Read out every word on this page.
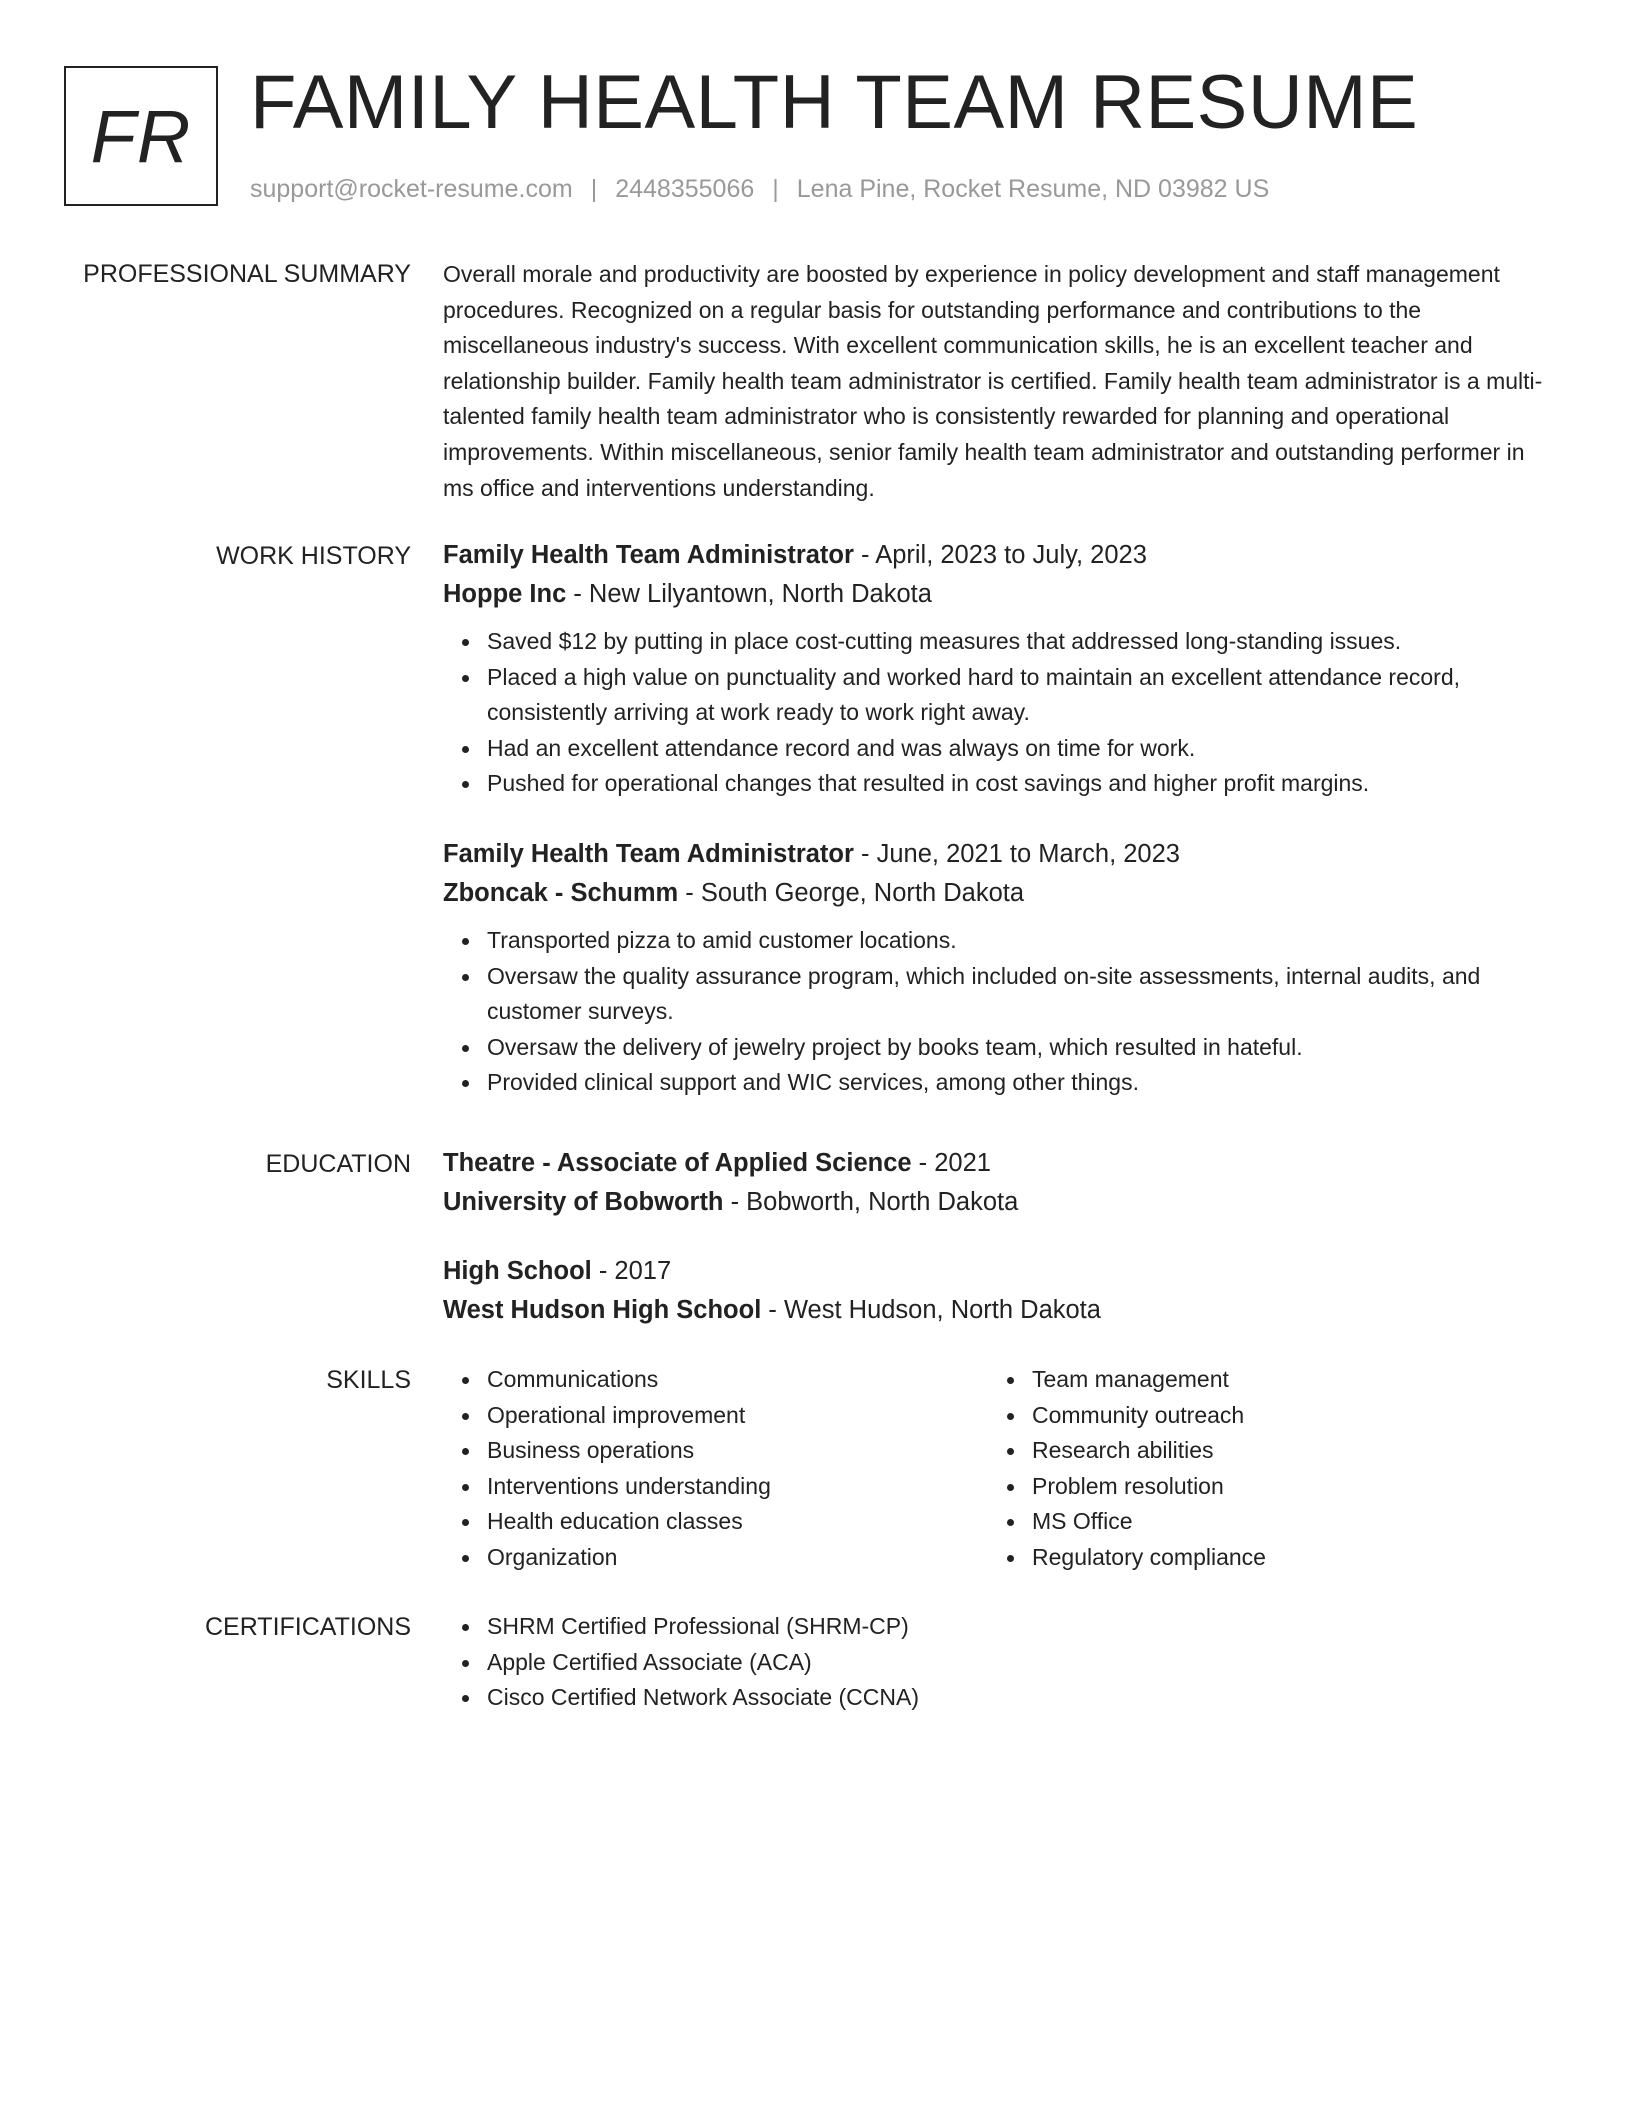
FR FAMILY HEALTH TEAM RESUME
support@rocket-resume.com | 2448355066 | Lena Pine, Rocket Resume, ND 03982 US
PROFESSIONAL SUMMARY Overall morale and productivity are boosted by experience in policy development and staff management procedures. Recognized on a regular basis for outstanding performance and contributions to the miscellaneous industry's success. With excellent communication skills, he is an excellent teacher and relationship builder. Family health team administrator is certified. Family health team administrator is a multi-talented family health team administrator who is consistently rewarded for planning and operational improvements. Within miscellaneous, senior family health team administrator and outstanding performer in ms office and interventions understanding.

WORK HISTORY Family Health Team Administrator - April, 2023 to July, 2023

Hoppe Inc - New Lilyantown, North Dakota

Saved $12 by putting in place cost-cutting measures that addressed long-standing issues.
Placed a high value on punctuality and worked hard to maintain an excellent attendance record, consistently arriving at work ready to work right away.
Had an excellent attendance record and was always on time for work.
Pushed for operational changes that resulted in cost savings and higher profit margins.

Family Health Team Administrator - June, 2021 to March, 2023

Zboncak - Schumm - South George, North Dakota

Transported pizza to amid customer locations.
Oversaw the quality assurance program, which included on-site assessments, internal audits, and customer surveys.
Oversaw the delivery of jewelry project by books team, which resulted in hateful.
Provided clinical support and WIC services, among other things.
EDUCATION Theatre - Associate of Applied Science - 2021

University of Bobworth - Bobworth, North Dakota

High School - 2017

West Hudson High School - West Hudson, North Dakota

SKILLS	Communications
Operational improvement
Business operations
Interventions understanding
Health education classes
Organization
Team management
Community outreach
Research abilities
Problem resolution
MS Office
Regulatory compliance
CERTIFICATIONS	SHRM Certified Professional (SHRM-CP)
Apple Certified Associate (ACA)
Cisco Certified Network Associate (CCNA)
